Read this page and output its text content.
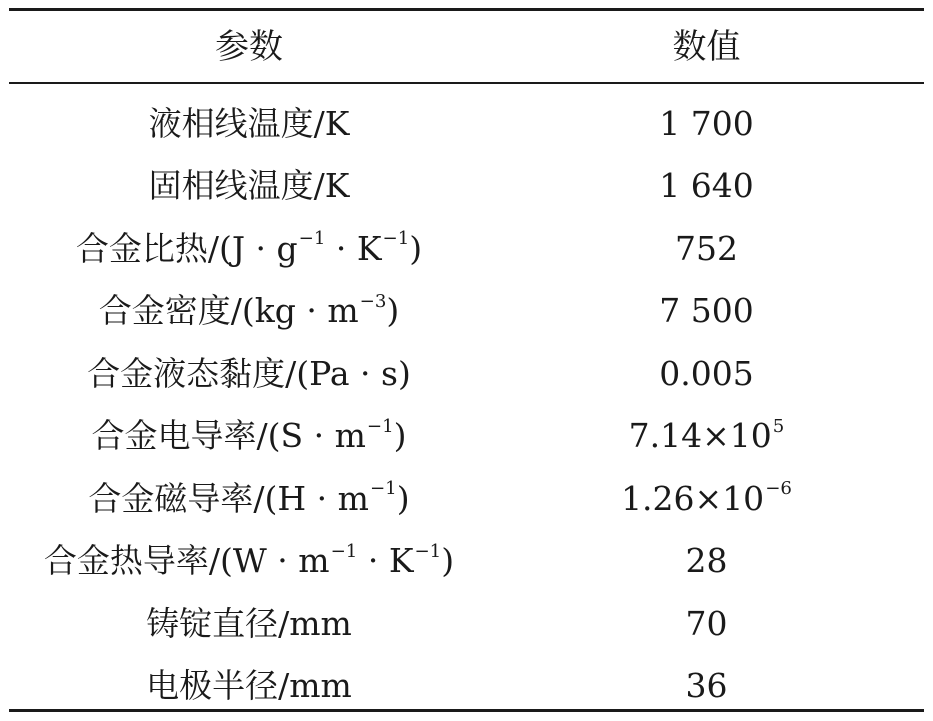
参数	数值
液相线温度/K	1 700
固相线温度/K	1 640
合金比热$/(J \cdot g^{-1} \cdot K^{-1})$	752
合金密度$/(kg \cdot m^{-3})$	7 500
合金液态黏度/(Pa · s)	0.005
合金电导率$/(S \cdot m^{-1})$	$7.14\times 10^5$
合金磁导率$/(H \cdot m^{-1})$	$1.26\times 10^{-6}$
合金热导率$/(W \cdot m^{-1} \cdot K^{-1})$	28
铸锭直径/mm	70
电极半径/mm	36
